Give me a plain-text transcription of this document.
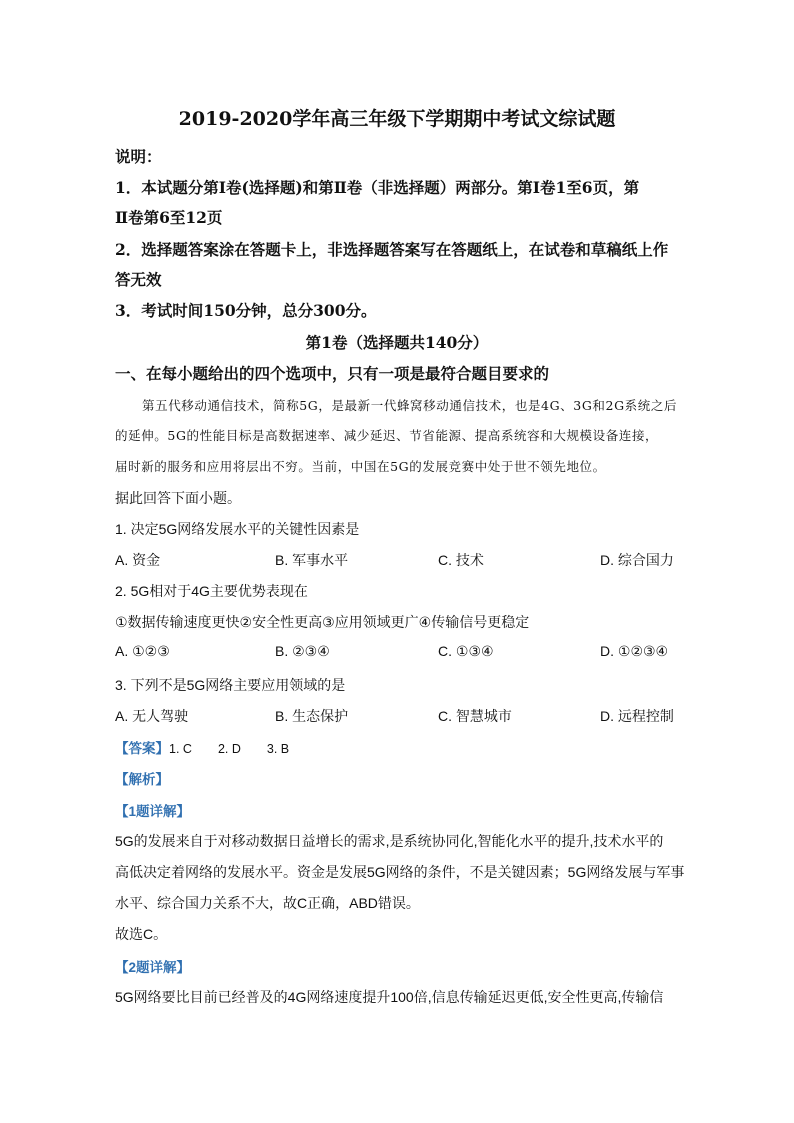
2019-2020学年高三年级下学期期中考试文综试题
说明：
1．本试题分第Ⅰ卷(选择题)和第Ⅱ卷（非选择题）两部分。第Ⅰ卷1至6页，第
Ⅱ卷第6至12页
2．选择题答案涂在答题卡上，非选择题答案写在答题纸上，在试卷和草稿纸上作
答无效
3．考试时间150分钟，总分300分。
第1卷（选择题共140分）
一、在每小题给出的四个选项中，只有一项是最符合题目要求的
第五代移动通信技术，简称5G，是最新一代蜂窝移动通信技术，也是4G、3G和2G系统之后
的延伸。5G的性能目标是高数据速率、减少延迟、节省能源、提高系统容和大规模设备连接，
届时新的服务和应用将层出不穷。当前，中国在5G的发展竞赛中处于世不领先地位。
据此回答下面小题。
1. 决定5G网络发展水平的关键性因素是
A. 资金	B. 军事水平	C. 技术	D. 综合国力
2. 5G相对于4G主要优势表现在
①数据传输速度更快②安全性更高③应用领域更广④传输信号更稳定
A. ①②③	B. ②③④	C. ①③④	D. ①②③④
3. 下列不是5G网络主要应用领域的是
A. 无人驾驶	B. 生态保护	C. 智慧城市	D. 远程控制
【答案】1. C 2. D 3. B
【解析】
【1题详解】
5G的发展来自于对移动数据日益增长的需求,是系统协同化,智能化水平的提升,技术水平的
高低决定着网络的发展水平。资金是发展5G网络的条件，不是关键因素；5G网络发展与军事
水平、综合国力关系不大，故C正确，ABD错误。
故选C。
【2题详解】
5G网络要比目前已经普及的4G网络速度提升100倍,信息传输延迟更低,安全性更高,传输信
